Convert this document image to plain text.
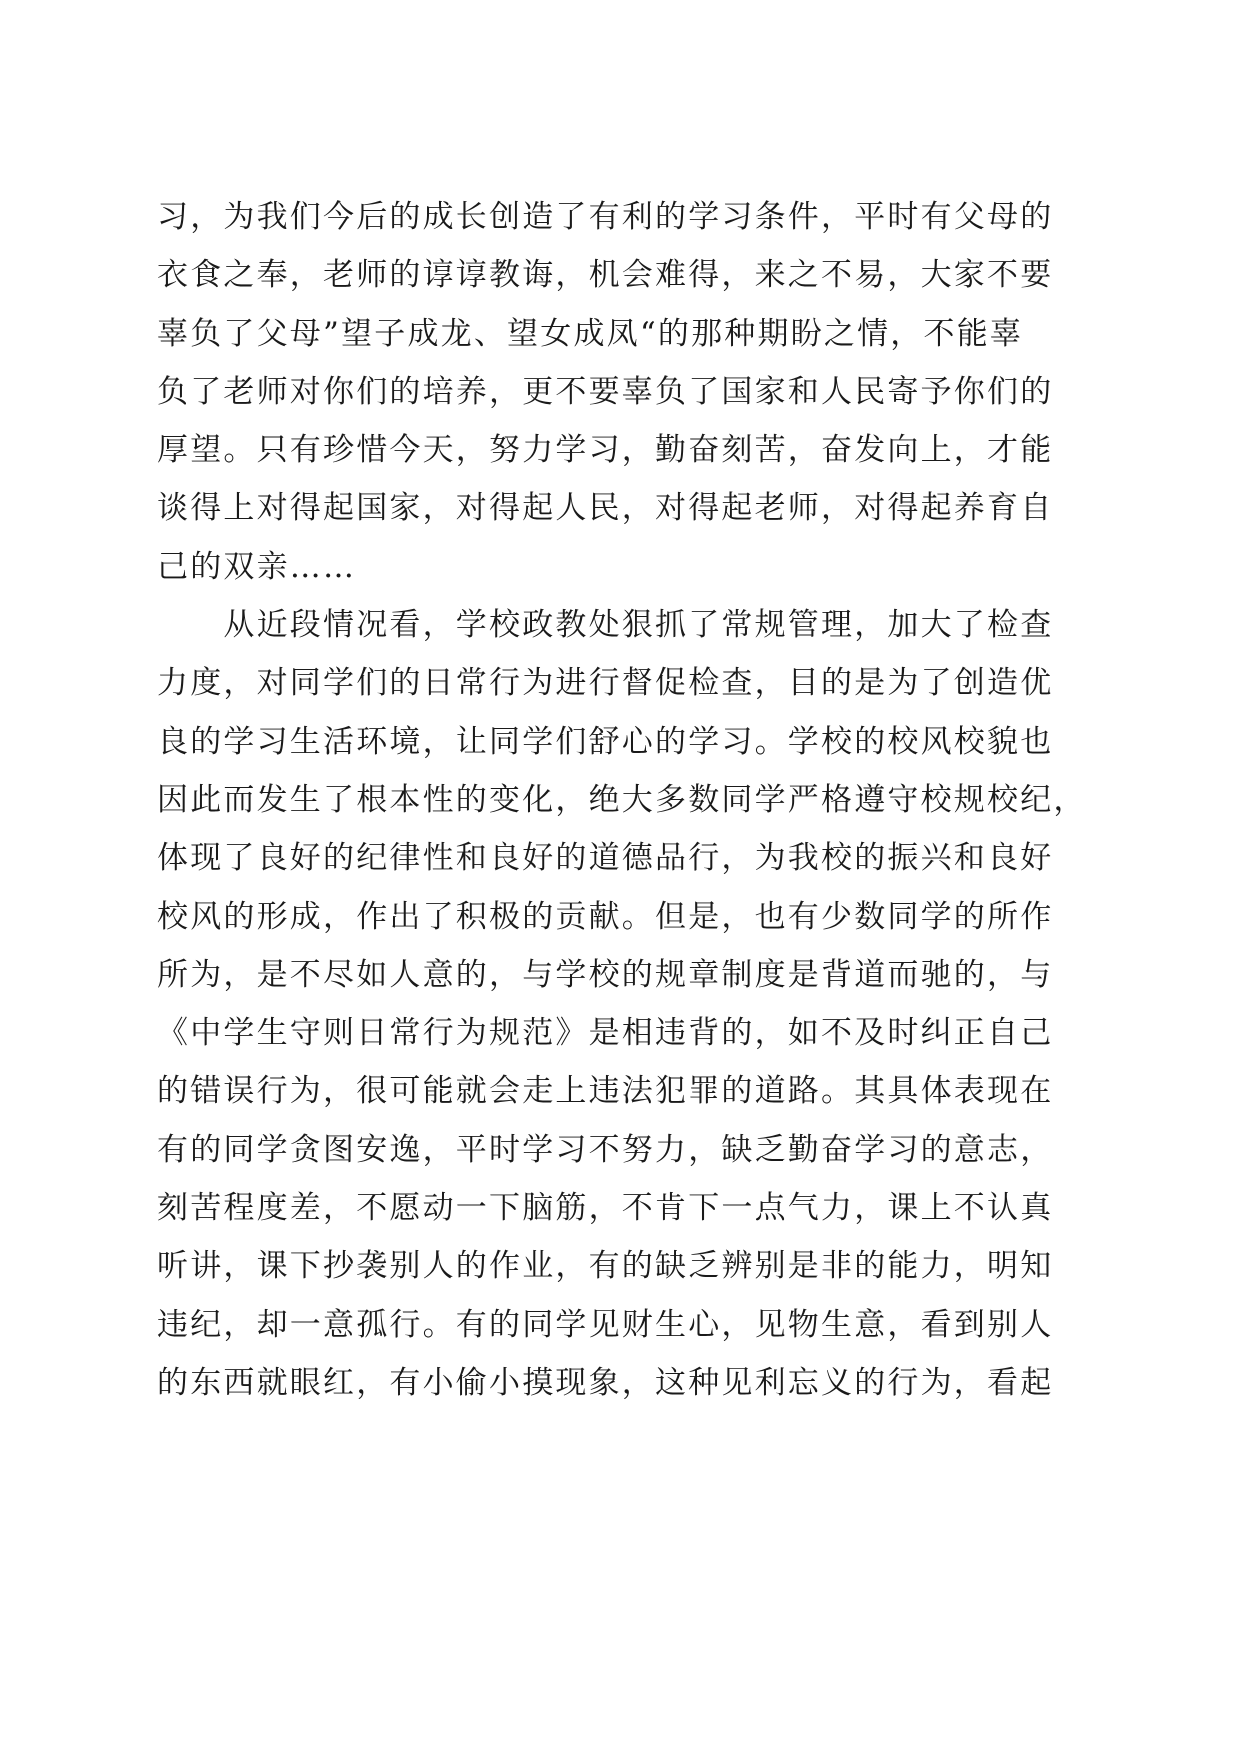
习，为我们今后的成长创造了有利的学习条件，平时有父母的
衣食之奉，老师的谆谆教诲，机会难得，来之不易，大家不要
辜负了父母”望子成龙、望女成凤“的那种期盼之情，不能辜
负了老师对你们的培养，更不要辜负了国家和人民寄予你们的
厚望。只有珍惜今天，努力学习，勤奋刻苦，奋发向上，才能
谈得上对得起国家，对得起人民，对得起老师，对得起养育自
己的双亲……
　　从近段情况看，学校政教处狠抓了常规管理，加大了检查
力度，对同学们的日常行为进行督促检查，目的是为了创造优
良的学习生活环境，让同学们舒心的学习。学校的校风校貌也
因此而发生了根本性的变化，绝大多数同学严格遵守校规校纪，
体现了良好的纪律性和良好的道德品行，为我校的振兴和良好
校风的形成，作出了积极的贡献。但是，也有少数同学的所作
所为，是不尽如人意的，与学校的规章制度是背道而驰的，与
《中学生守则日常行为规范》是相违背的，如不及时纠正自己
的错误行为，很可能就会走上违法犯罪的道路。其具体表现在
有的同学贪图安逸，平时学习不努力，缺乏勤奋学习的意志，
刻苦程度差，不愿动一下脑筋，不肯下一点气力，课上不认真
听讲，课下抄袭别人的作业，有的缺乏辨别是非的能力，明知
违纪，却一意孤行。有的同学见财生心，见物生意，看到别人
的东西就眼红，有小偷小摸现象，这种见利忘义的行为，看起
